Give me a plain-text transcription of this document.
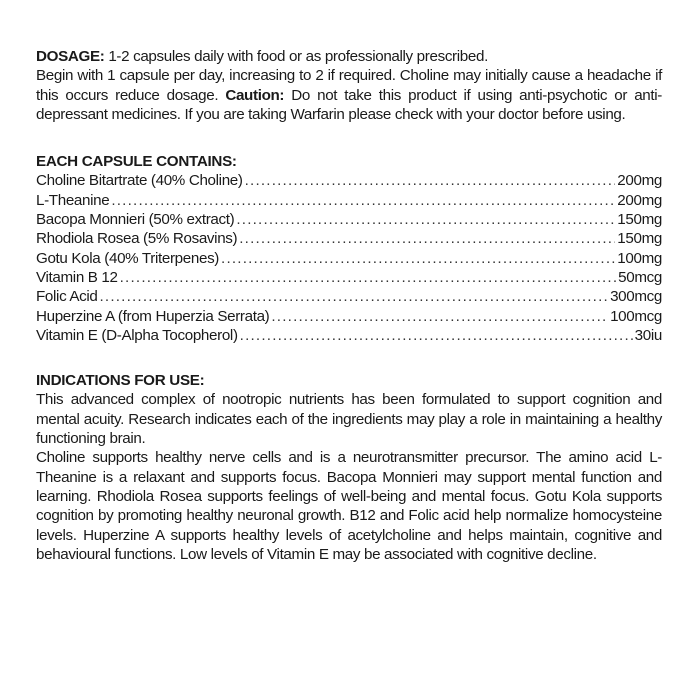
DOSAGE: 1-2 capsules daily with food or as professionally prescribed.

Begin with 1 capsule per day, increasing to 2 if required. Choline may initially cause a headache if this occurs reduce dosage. Caution: Do not take this product if using anti-psychotic or anti-depressant medicines. If you are taking Warfarin please check with your doctor before using.

EACH CAPSULE CONTAINS:
Choline Bitartrate (40% Choline) .....	200mg
L-Theanine .....	200mg
Bacopa Monnieri (50% extract) .....	150mg
Rhodiola Rosea (5% Rosavins) .....	150mg
Gotu Kola (40% Triterpenes) .....	100mg
Vitamin B 12 .....	50mcg
Folic Acid .....	300mcg
Huperzine A (from Huperzia Serrata) .....	100mcg
Vitamin E (D-Alpha Tocopherol) .....	30iu
INDICATIONS FOR USE:

This advanced complex of nootropic nutrients has been formulated to support cognition and mental acuity. Research indicates each of the ingredients may play a role in maintaining a healthy functioning brain.

Choline supports healthy nerve cells and is a neurotransmitter precursor. The amino acid L-Theanine is a relaxant and supports focus. Bacopa Monnieri may support mental function and learning. Rhodiola Rosea supports feelings of well-being and mental focus. Gotu Kola supports cognition by promoting healthy neuronal growth. B12 and Folic acid help normalize homocysteine levels. Huperzine A supports healthy levels of acetylcholine and helps maintain, cognitive and behavioural functions. Low levels of Vitamin E may be associated with cognitive decline.
